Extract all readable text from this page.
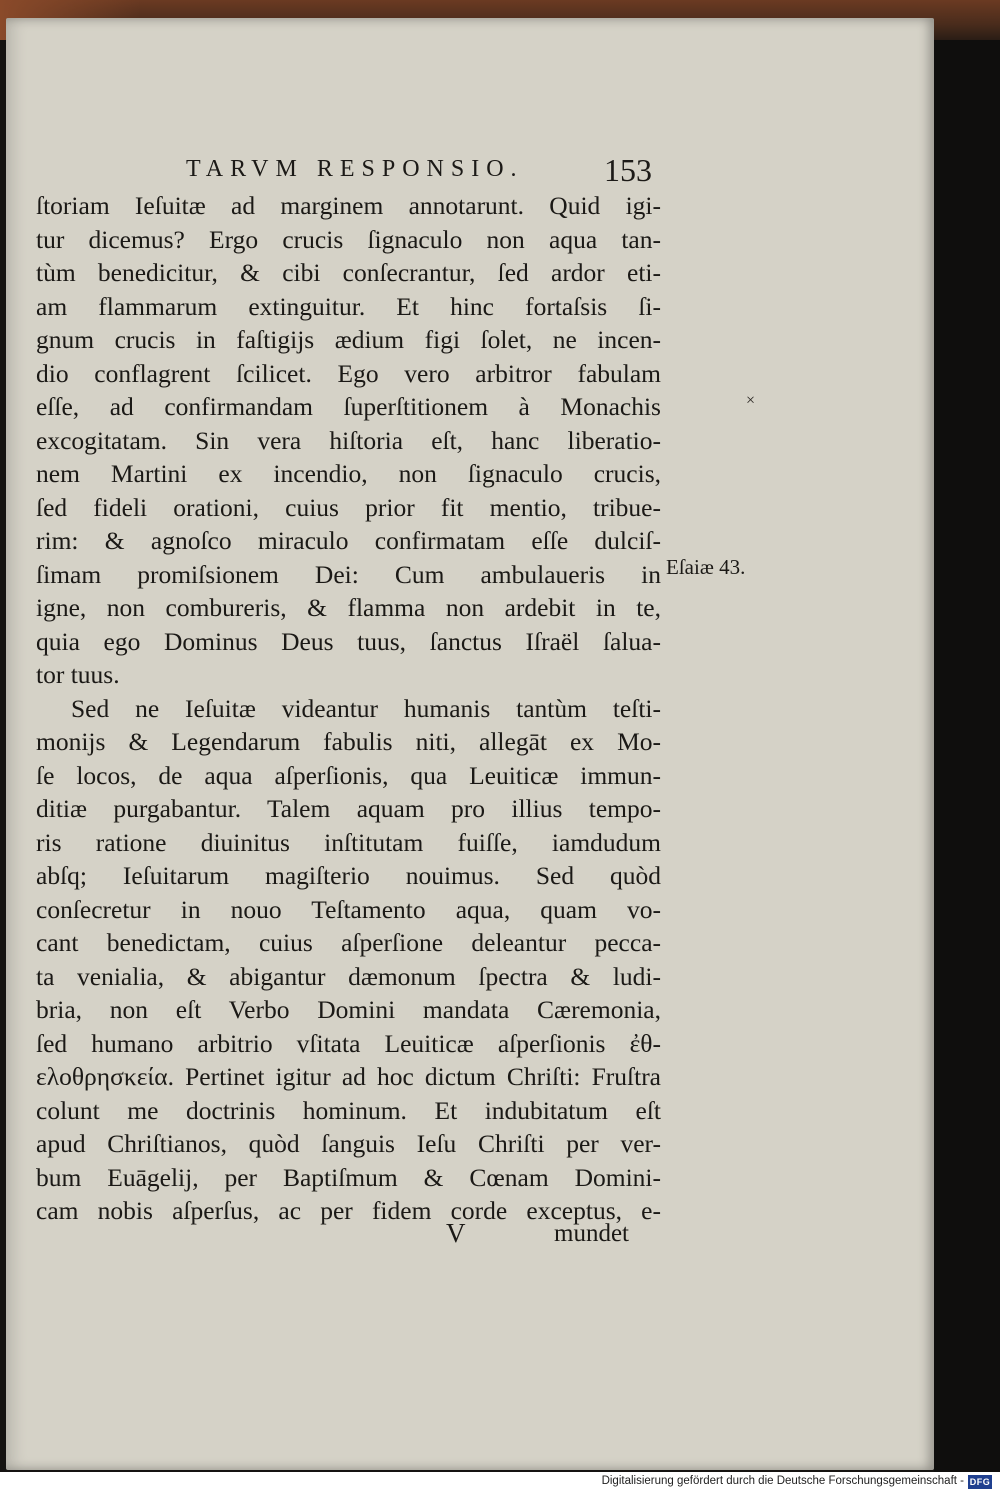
TARVM RESPONSIO.	153
ſtoriam Ieſuitæ ad marginem annotarunt. Quid igi-
tur dicemus? Ergo crucis ſignaculo non aqua tan-
tùm benedicitur, & cibi conſecrantur, ſed ardor eti-
am flammarum extinguitur. Et hinc fortaſsis ſi-
gnum crucis in faſtigijs ædium figi ſolet, ne incen-
dio conflagrent ſcilicet. Ego vero arbitror fabulam
eſſe, ad confirmandam ſuperſtitionem à Monachis
excogitatam. Sin vera hiſtoria eſt, hanc liberatio-
nem Martini ex incendio, non ſignaculo crucis,
ſed fideli orationi, cuius prior fit mentio, tribue-
rim: & agnoſco miraculo confirmatam eſſe dulciſ-
ſimam promiſsionem Dei: Cum ambulaueris in
igne, non combureris, & flamma non ardebit in te,
quia ego Dominus Deus tuus, ſanctus Iſraël ſalua-
tor tuus.
Sed ne Ieſuitæ videantur humanis tantùm teſti-
monijs & Legendarum fabulis niti, allegāt ex Mo-
ſe locos, de aqua aſperſionis, qua Leuiticæ immun-
ditiæ purgabantur. Talem aquam pro illius tempo-
ris ratione diuinitus inſtitutam fuiſſe, iamdudum
abſq; Ieſuitarum magiſterio nouimus. Sed quòd
conſecretur in nouo Teſtamento aqua, quam vo-
cant benedictam, cuius aſperſione deleantur pecca-
ta venialia, & abigantur dæmonum ſpectra & ludi-
bria, non eſt Verbo Domini mandata Cæremonia,
ſed humano arbitrio vſitata Leuiticæ aſperſionis ἐθ-
ελοθρησκεία. Pertinet igitur ad hoc dictum Chriſti: Fruſtra
colunt me doctrinis hominum. Et indubitatum eſt
apud Chriſtianos, quòd ſanguis Ieſu Chriſti per ver-
bum Euāgelij, per Baptiſmum & Cœnam Domini-
cam nobis aſperſus, ac per fidem corde exceptus, e-
V	mundet
Eſaiæ 43.
×
Digitalisierung gefördert durch die Deutsche Forschungsgemeinschaft - DFG
